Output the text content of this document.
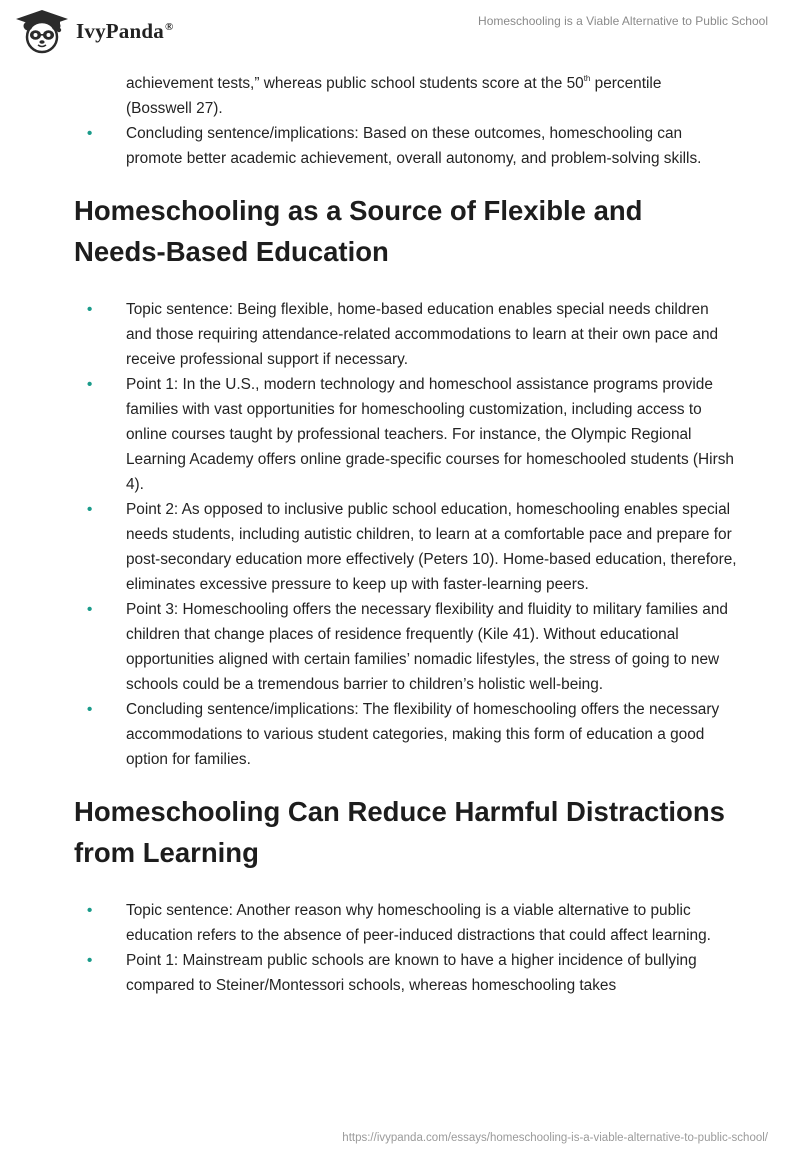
IvyPanda®	Homeschooling is a Viable Alternative to Public School
achievement tests,” whereas public school students score at the 50th percentile
(Bosswell 27).
• Concluding sentence/implications: Based on these outcomes, homeschooling can promote better academic achievement, overall autonomy, and problem-solving skills.
Homeschooling as a Source of Flexible and Needs-Based Education
• Topic sentence: Being flexible, home-based education enables special needs children and those requiring attendance-related accommodations to learn at their own pace and receive professional support if necessary.
• Point 1: In the U.S., modern technology and homeschool assistance programs provide families with vast opportunities for homeschooling customization, including access to online courses taught by professional teachers. For instance, the Olympic Regional Learning Academy offers online grade-specific courses for homeschooled students (Hirsh 4).
• Point 2: As opposed to inclusive public school education, homeschooling enables special needs students, including autistic children, to learn at a comfortable pace and prepare for post-secondary education more effectively (Peters 10). Home-based education, therefore, eliminates excessive pressure to keep up with faster-learning peers.
• Point 3: Homeschooling offers the necessary flexibility and fluidity to military families and children that change places of residence frequently (Kile 41). Without educational opportunities aligned with certain families’ nomadic lifestyles, the stress of going to new schools could be a tremendous barrier to children’s holistic well-being.
• Concluding sentence/implications: The flexibility of homeschooling offers the necessary accommodations to various student categories, making this form of education a good option for families.
Homeschooling Can Reduce Harmful Distractions from Learning
• Topic sentence: Another reason why homeschooling is a viable alternative to public education refers to the absence of peer-induced distractions that could affect learning.
• Point 1: Mainstream public schools are known to have a higher incidence of bullying compared to Steiner/Montessori schools, whereas homeschooling takes
https://ivypanda.com/essays/homeschooling-is-a-viable-alternative-to-public-school/
